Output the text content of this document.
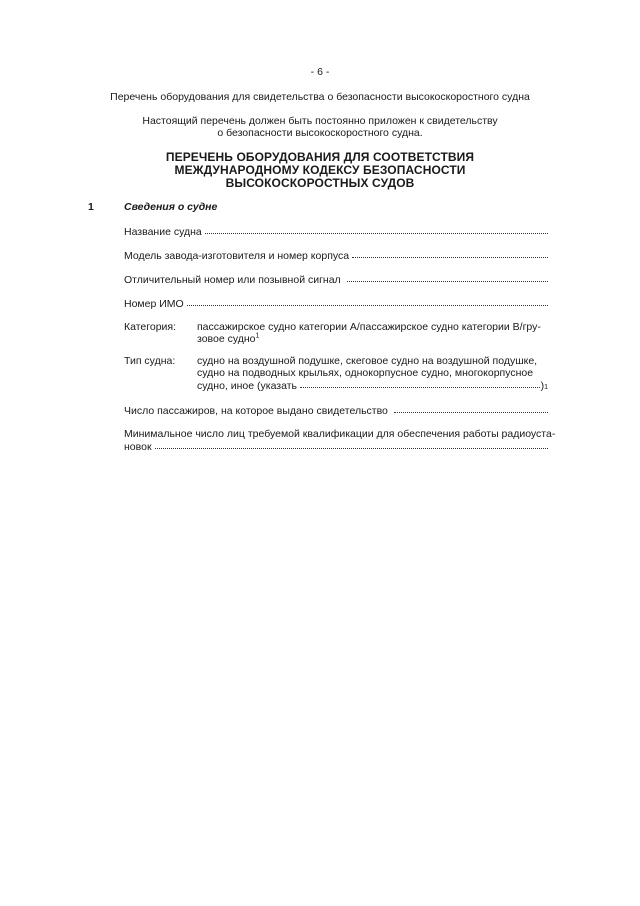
- 6 -
Перечень оборудования для свидетельства о безопасности высокоскоростного судна
Настоящий перечень должен быть постоянно приложен к свидетельству
о безопасности высокоскоростного судна.
ПЕРЕЧЕНЬ ОБОРУДОВАНИЯ ДЛЯ СООТВЕТСТВИЯ
МЕЖДУНАРОДНОМУ КОДЕКСУ БЕЗОПАСНОСТИ
ВЫСОКОСКОРОСТНЫХ СУДОВ
1	Сведения о судне
Название судна
Модель завода-изготовителя и номер корпуса
Отличительный номер или позывной сигнал
Номер ИМО
Категория: пассажирское судно категории A/пассажирское судно категории B/гру-
зовое судно$^1$
Тип судна: судно на воздушной подушке, скеговое судно на воздушной подушке,
судно на подводных крыльях, однокорпусное судно, многокорпусное
судно, иное (указать	) 1
Число пассажиров, на которое выдано свидетельство
Минимальное число лиц требуемой квалификации для обеспечения работы радиоуста-
новок
